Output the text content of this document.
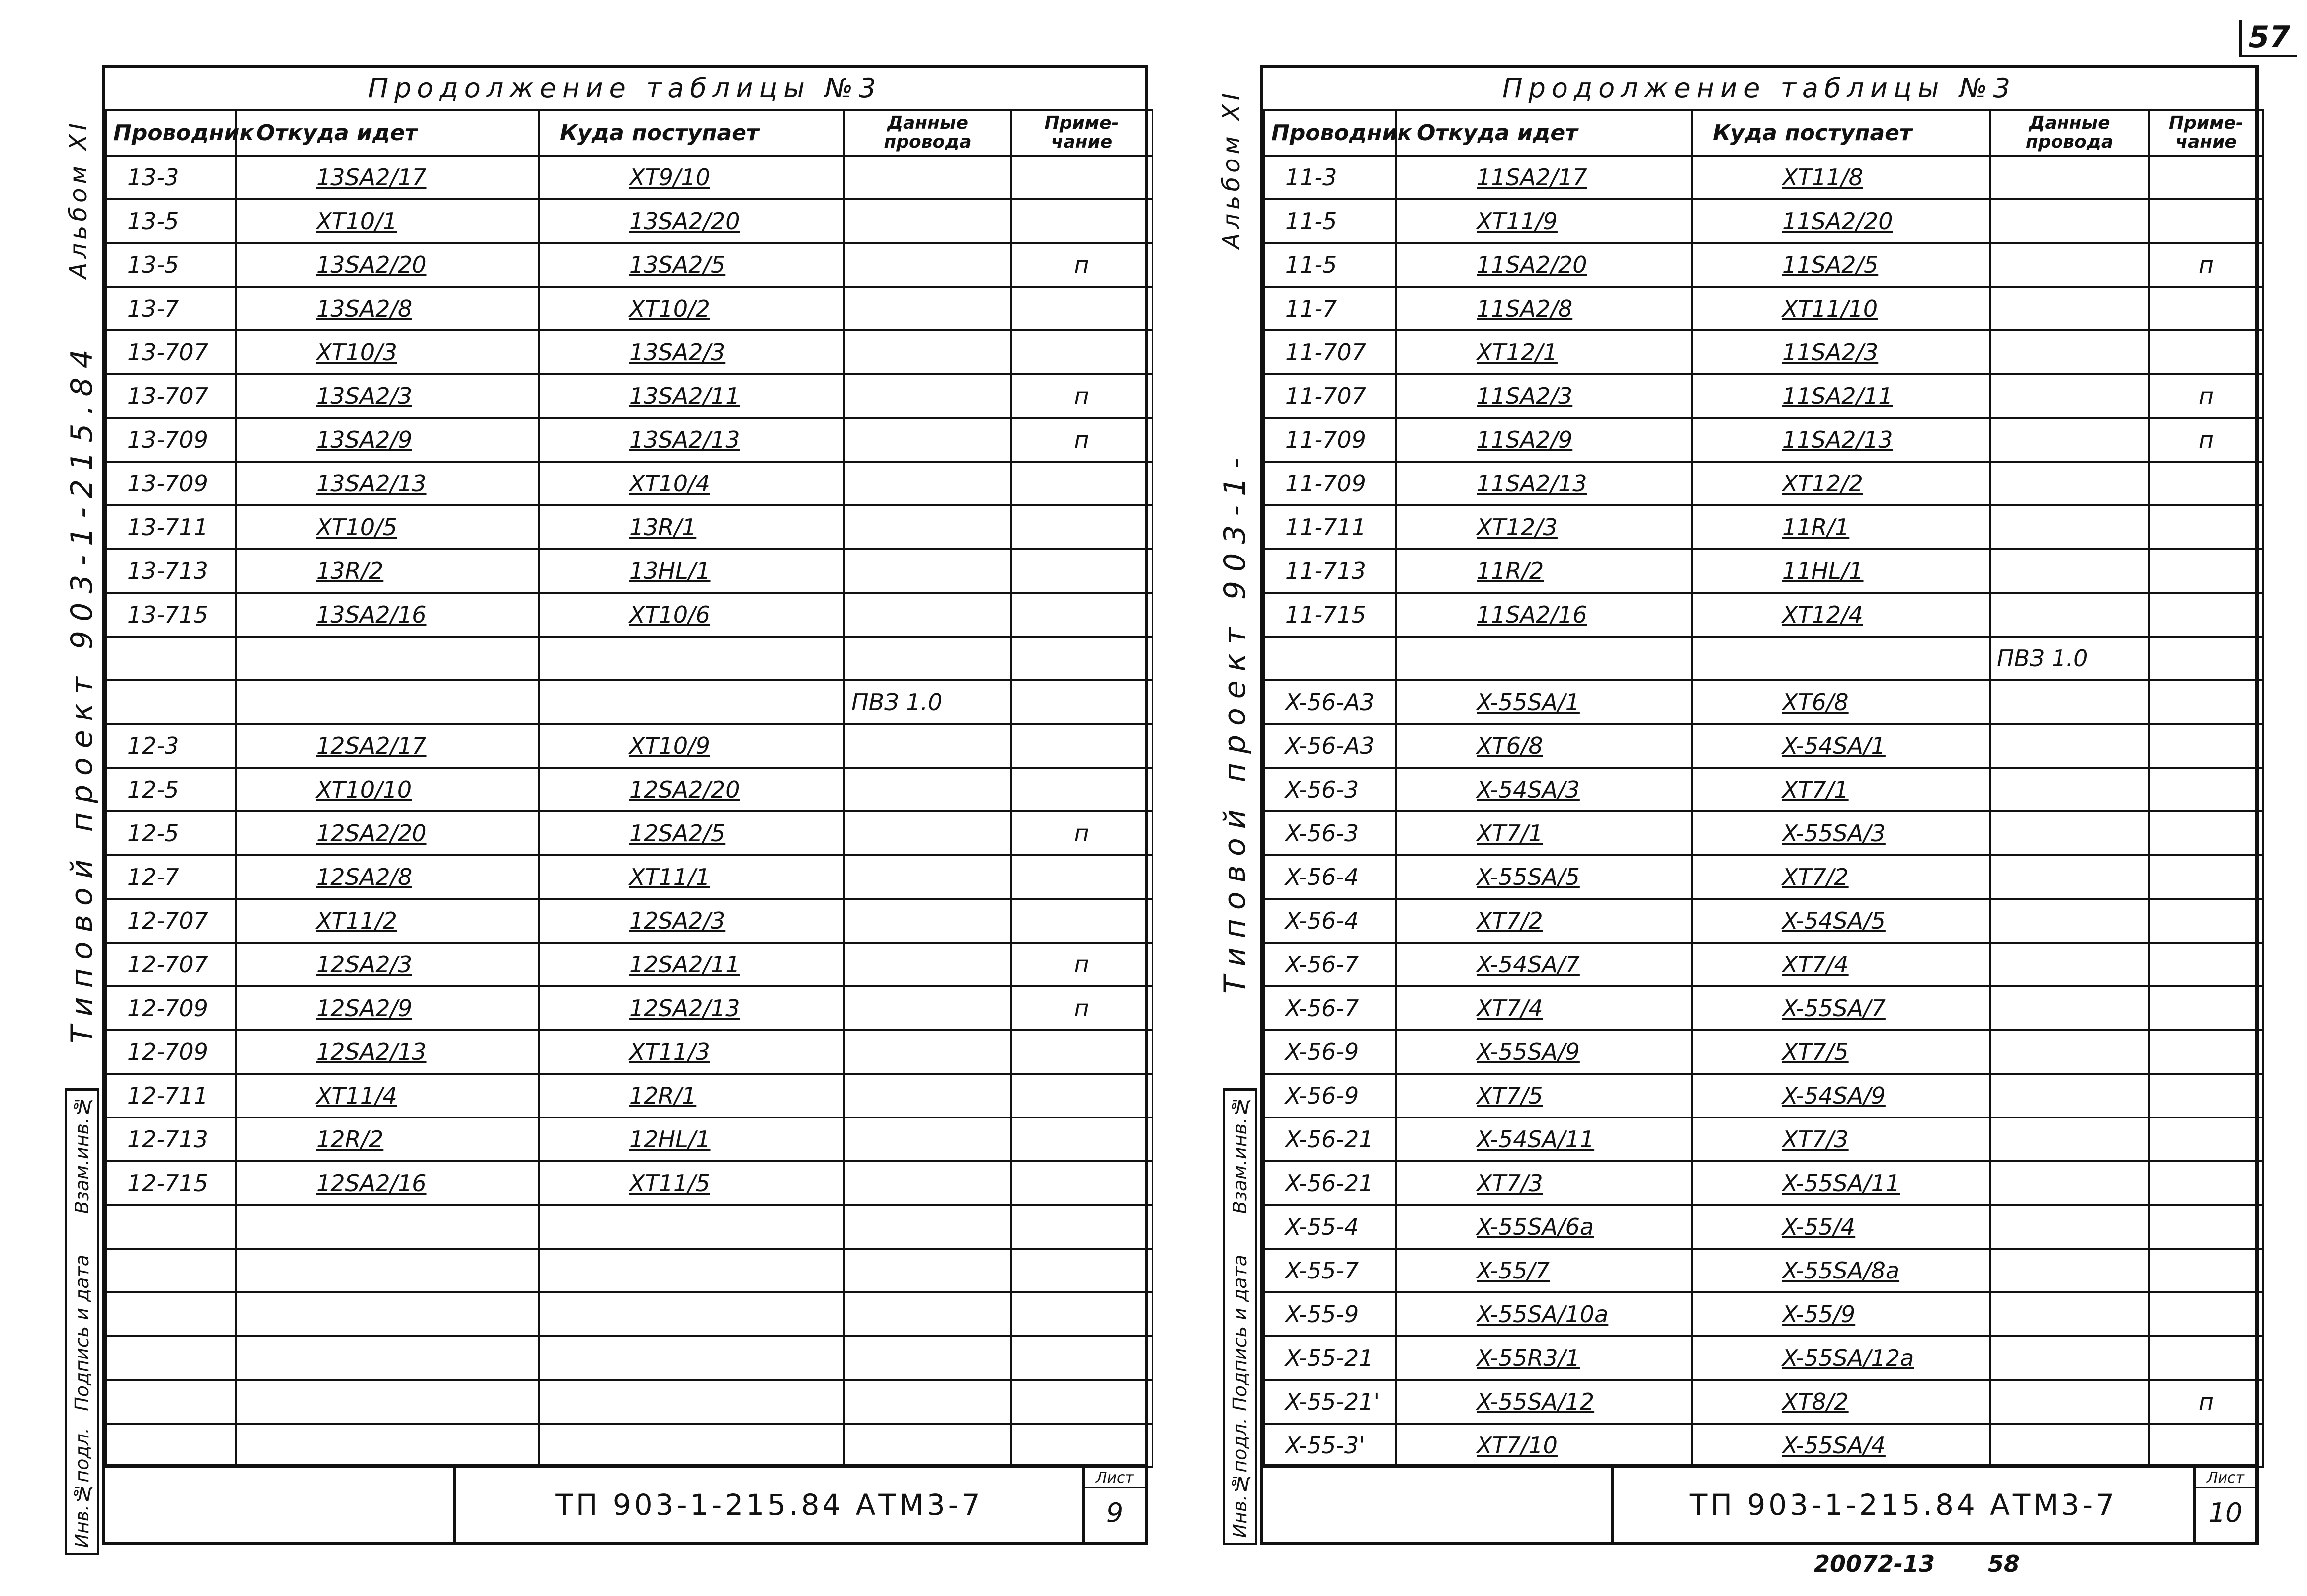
57
Альбом XI
Типовой проект 903-1-215.84
Инв.№подл.
Подпись и дата
Взам.инв.№
Продолжение таблицы №3
Проводник	Откуда идет	Куда поступает	Данные провода	Приме-чание
13-3	13SA2/17	XT9/10		
13-5	XT10/1	13SA2/20		
13-5	13SA2/20	13SA2/5		п
13-7	13SA2/8	XT10/2		
13-707	XT10/3	13SA2/3		
13-707	13SA2/3	13SA2/11		п
13-709	13SA2/9	13SA2/13		п
13-709	13SA2/13	XT10/4		
13-711	XT10/5	13R/1		
13-713	13R/2	13HL/1		
13-715	13SA2/16	XT10/6		

			ПВЗ 1.0	
12-3	12SA2/17	XT10/9		
12-5	XT10/10	12SA2/20		
12-5	12SA2/20	12SA2/5		п
12-7	12SA2/8	XT11/1		
12-707	XT11/2	12SA2/3		
12-707	12SA2/3	12SA2/11		п
12-709	12SA2/9	12SA2/13		п
12-709	12SA2/13	XT11/3		
12-711	XT11/4	12R/1		
12-713	12R/2	12HL/1		
12-715	12SA2/16	XT11/5		

ТП 903-1-215.84 АТМ3-7
Лист
9
Альбом XI
Типовой проект 903-1-
Инв.№подл.
Подпись и дата
Взам.инв.№
Продолжение таблицы №3
Проводник	Откуда идет	Куда поступает	Данные провода	Приме-чание
11-3	11SA2/17	XT11/8		
11-5	XT11/9	11SA2/20		
11-5	11SA2/20	11SA2/5		п
11-7	11SA2/8	XT11/10		
11-707	XT12/1	11SA2/3		
11-707	11SA2/3	11SA2/11		п
11-709	11SA2/9	11SA2/13		п
11-709	11SA2/13	XT12/2		
11-711	XT12/3	11R/1		
11-713	11R/2	11HL/1		
11-715	11SA2/16	XT12/4		
			ПВЗ 1.0	
X-56-A3	X-55SA/1	XT6/8		
X-56-A3	XT6/8	X-54SA/1		
X-56-3	X-54SA/3	XT7/1		
X-56-3	XT7/1	X-55SA/3		
X-56-4	X-55SA/5	XT7/2		
X-56-4	XT7/2	X-54SA/5		
X-56-7	X-54SA/7	XT7/4		
X-56-7	XT7/4	X-55SA/7		
X-56-9	X-55SA/9	XT7/5		
X-56-9	XT7/5	X-54SA/9		
X-56-21	X-54SA/11	XT7/3		
X-56-21	XT7/3	X-55SA/11		
X-55-4	X-55SA/6a	X-55/4		
X-55-7	X-55/7	X-55SA/8a		
X-55-9	X-55SA/10a	X-55/9		
X-55-21	X-55R3/1	X-55SA/12a		
X-55-21'	X-55SA/12	XT8/2		п
X-55-3'	XT7/10	X-55SA/4		
ТП 903-1-215.84 АТМ3-7
Лист
10
20072-13 58
